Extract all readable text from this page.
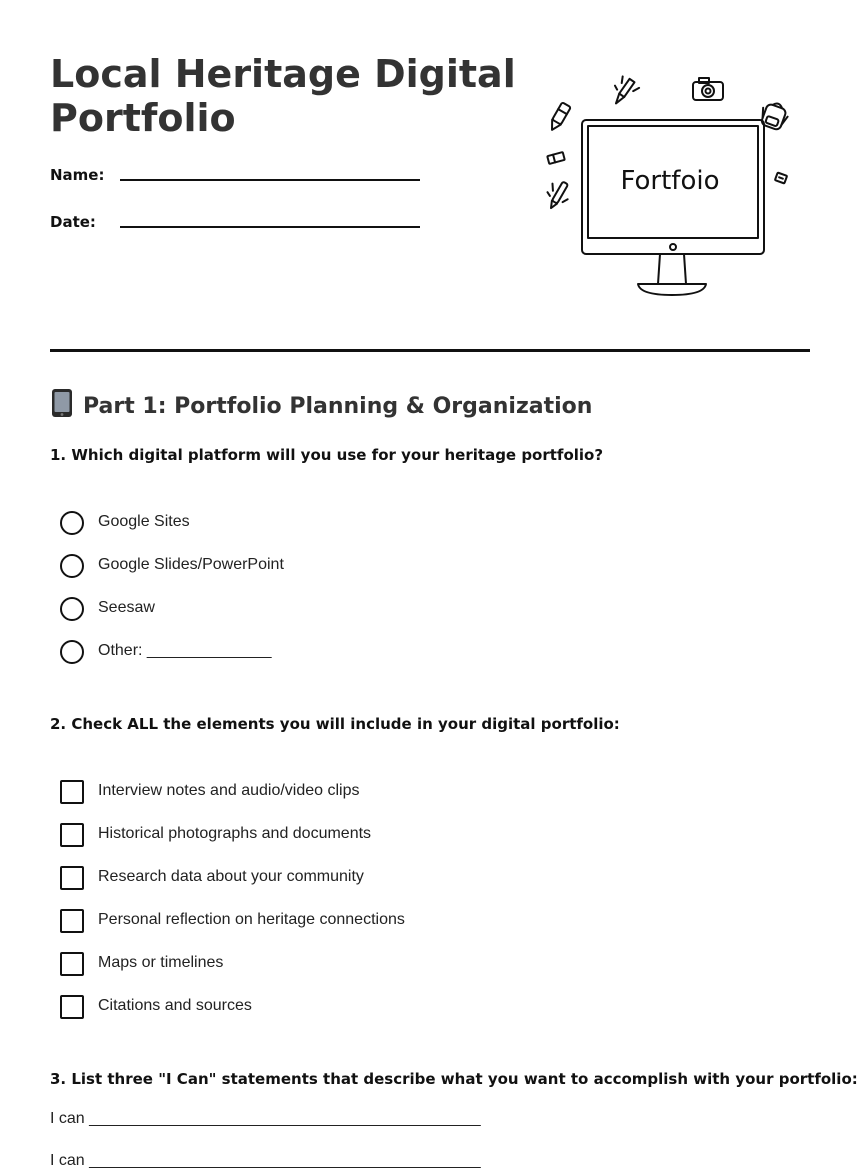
Local Heritage Digital Portfolio
Name:
Date:
Fortfoio
Part 1: Portfolio Planning & Organization

1. Which digital platform will you use for your heritage portfolio?

Google Sites
Google Slides/PowerPoint
Seesaw
Other: ______________

2. Check ALL the elements you will include in your digital portfolio:

Interview notes and audio/video clips
Historical photographs and documents
Research data about your community
Personal reflection on heritage connections
Maps or timelines
Citations and sources

3. List three "I Can" statements that describe what you want to accomplish with your portfolio:

I can ____________________________________________
I can ____________________________________________
